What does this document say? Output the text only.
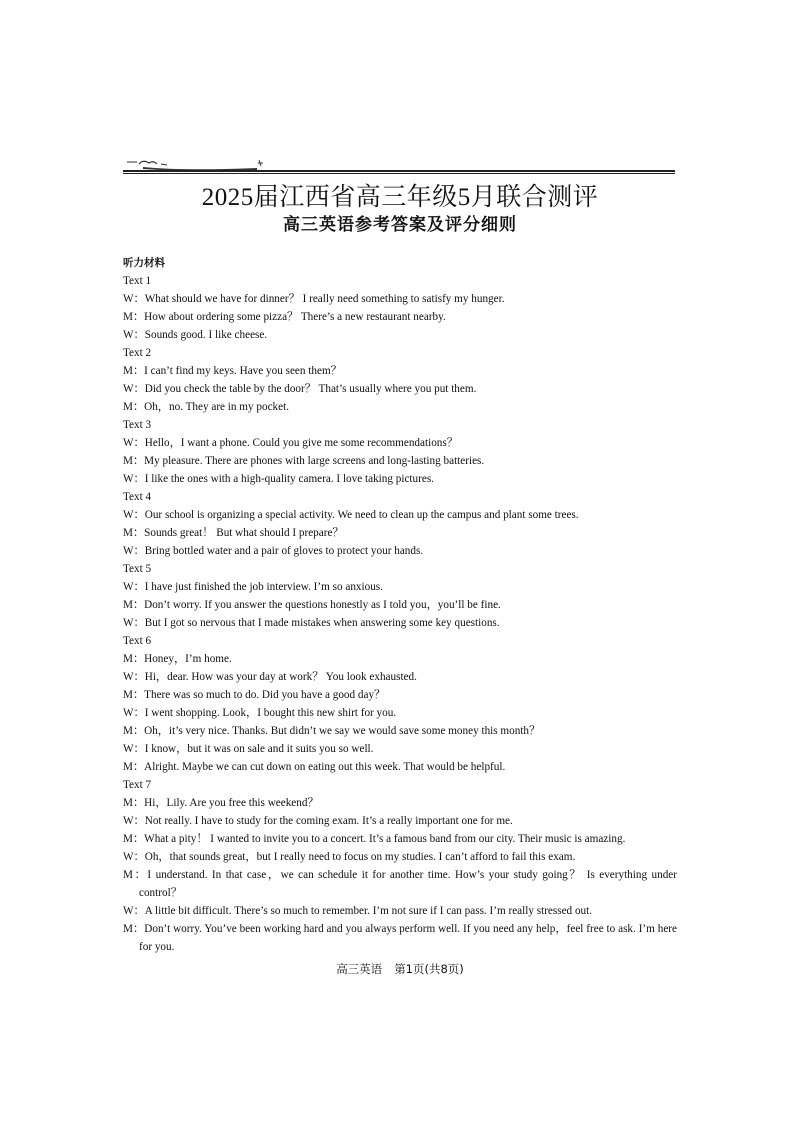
2025届江西省高三年级5月联合测评
高三英语参考答案及评分细则
听力材料
Text 1
W：What should we have for dinner？ I really need something to satisfy my hunger.
M：How about ordering some pizza？ There’s a new restaurant nearby.
W：Sounds good. I like cheese.
Text 2
M：I can’t find my keys. Have you seen them？
W：Did you check the table by the door？ That’s usually where you put them.
M：Oh，no. They are in my pocket.
Text 3
W：Hello，I want a phone. Could you give me some recommendations？
M：My pleasure. There are phones with large screens and long-lasting batteries.
W：I like the ones with a high-quality camera. I love taking pictures.
Text 4
W：Our school is organizing a special activity. We need to clean up the campus and plant some trees.
M：Sounds great！ But what should I prepare？
W：Bring bottled water and a pair of gloves to protect your hands.
Text 5
W：I have just finished the job interview. I’m so anxious.
M：Don’t worry. If you answer the questions honestly as I told you，you’ll be fine.
W：But I got so nervous that I made mistakes when answering some key questions.
Text 6
M：Honey，I’m home.
W：Hi，dear. How was your day at work？ You look exhausted.
M：There was so much to do. Did you have a good day？
W：I went shopping. Look，I bought this new shirt for you.
M：Oh，it’s very nice. Thanks. But didn’t we say we would save some money this month？
W：I know，but it was on sale and it suits you so well.
M：Alright. Maybe we can cut down on eating out this week. That would be helpful.
Text 7
M：Hi，Lily. Are you free this weekend？
W：Not really. I have to study for the coming exam. It’s a really important one for me.
M：What a pity！ I wanted to invite you to a concert. It’s a famous band from our city. Their music is amazing.
W：Oh，that sounds great，but I really need to focus on my studies. I can’t afford to fail this exam.
M：I understand. In that case，we can schedule it for another time. How’s your study going？ Is everything under control？
W：A little bit difficult. There’s so much to remember. I’m not sure if I can pass. I’m really stressed out.
M：Don’t worry. You’ve been working hard and you always perform well. If you need any help，feel free to ask. I’m here for you.
高三英语 第1页(共8页)
